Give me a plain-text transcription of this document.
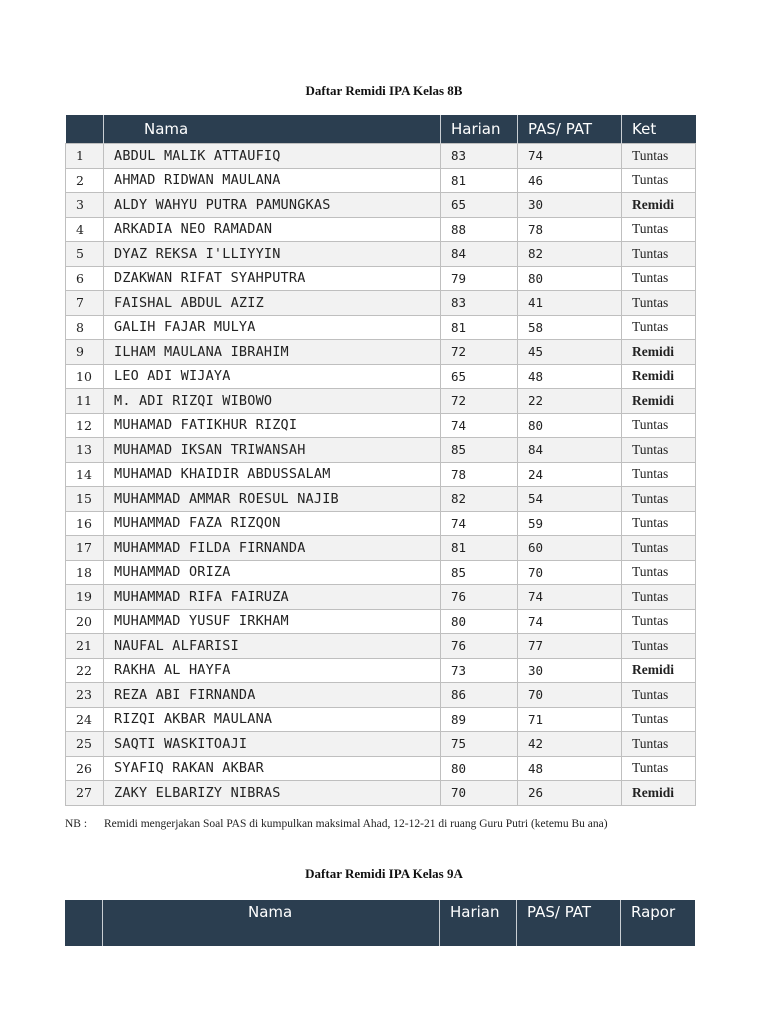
Daftar Remidi IPA Kelas 8B
	Nama	Harian	PAS/ PAT	Ket
1	ABDUL MALIK ATTAUFIQ	83	74	Tuntas
2	AHMAD RIDWAN MAULANA	81	46	Tuntas
3	ALDY WAHYU PUTRA PAMUNGKAS	65	30	Remidi
4	ARKADIA NEO RAMADAN	88	78	Tuntas
5	DYAZ REKSA I'LLIYYIN	84	82	Tuntas
6	DZAKWAN RIFAT SYAHPUTRA	79	80	Tuntas
7	FAISHAL ABDUL AZIZ	83	41	Tuntas
8	GALIH FAJAR MULYA	81	58	Tuntas
9	ILHAM MAULANA IBRAHIM	72	45	Remidi
10	LEO ADI WIJAYA	65	48	Remidi
11	M. ADI RIZQI WIBOWO	72	22	Remidi
12	MUHAMAD FATIKHUR RIZQI	74	80	Tuntas
13	MUHAMAD IKSAN TRIWANSAH	85	84	Tuntas
14	MUHAMAD KHAIDIR ABDUSSALAM	78	24	Tuntas
15	MUHAMMAD AMMAR ROESUL NAJIB	82	54	Tuntas
16	MUHAMMAD FAZA RIZQON	74	59	Tuntas
17	MUHAMMAD FILDA FIRNANDA	81	60	Tuntas
18	MUHAMMAD ORIZA	85	70	Tuntas
19	MUHAMMAD RIFA FAIRUZA	76	74	Tuntas
20	MUHAMMAD YUSUF IRKHAM	80	74	Tuntas
21	NAUFAL ALFARISI	76	77	Tuntas
22	RAKHA AL HAYFA	73	30	Remidi
23	REZA ABI FIRNANDA	86	70	Tuntas
24	RIZQI AKBAR MAULANA	89	71	Tuntas
25	SAQTI WASKITOAJI	75	42	Tuntas
26	SYAFIQ RAKAN AKBAR	80	48	Tuntas
27	ZAKY ELBARIZY NIBRAS	70	26	Remidi
NB : Remidi mengerjakan Soal PAS di kumpulkan maksimal Ahad, 12-12-21 di ruang Guru Putri (ketemu Bu ana)
Daftar Remidi IPA Kelas 9A
Nama	Harian	PAS/ PAT	Rapor
